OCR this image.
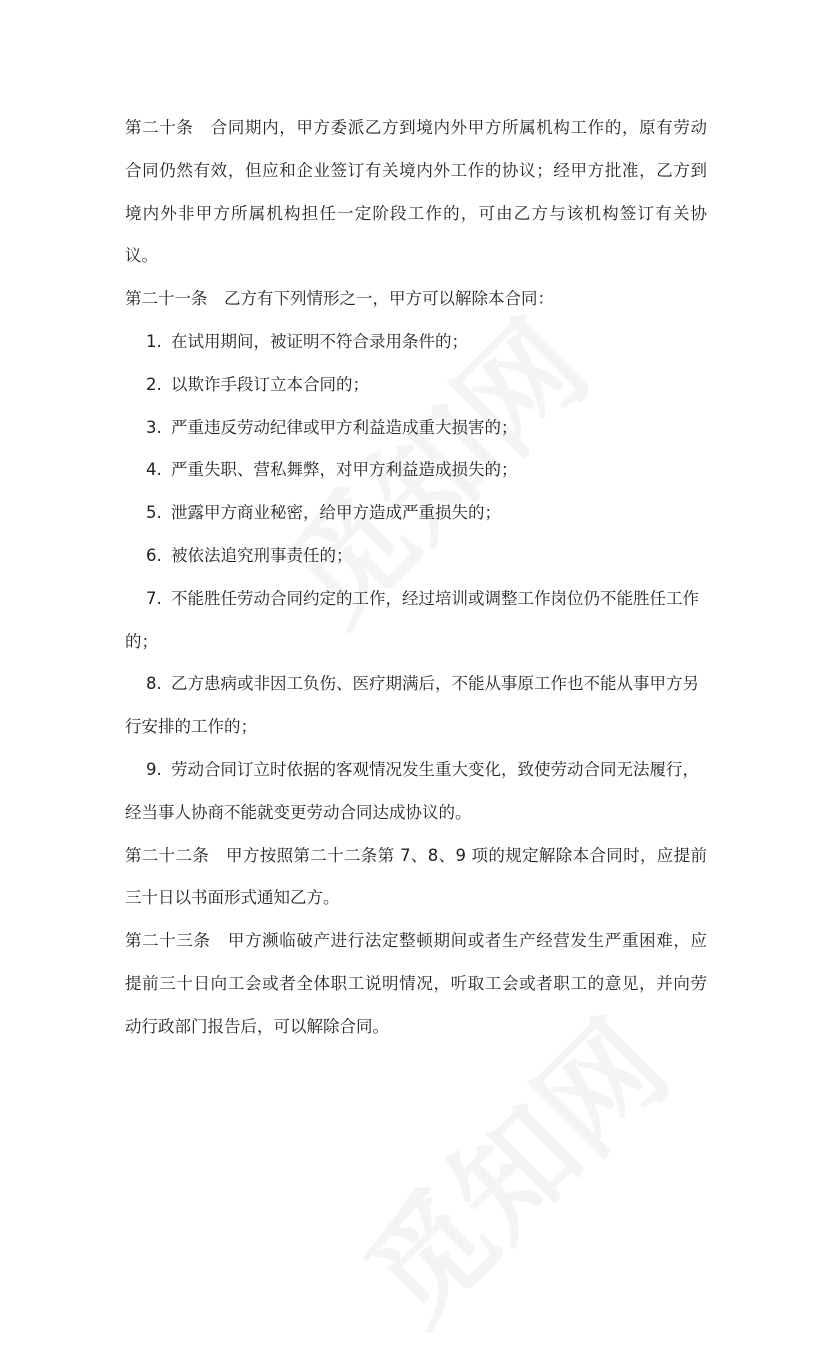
第二十条　合同期内，甲方委派乙方到境内外甲方所属机构工作的，原有劳动
合同仍然有效，但应和企业签订有关境内外工作的协议；经甲方批准，乙方到
境内外非甲方所属机构担任一定阶段工作的，可由乙方与该机构签订有关协
议。
第二十一条　乙方有下列情形之一，甲方可以解除本合同：
1. 在试用期间，被证明不符合录用条件的；
2. 以欺诈手段订立本合同的；
3. 严重违反劳动纪律或甲方利益造成重大损害的；
4. 严重失职、营私舞弊，对甲方利益造成损失的；
5. 泄露甲方商业秘密，给甲方造成严重损失的；
6. 被依法追究刑事责任的；
7. 不能胜任劳动合同约定的工作，经过培训或调整工作岗位仍不能胜任工作
的；
8. 乙方患病或非因工负伤、医疗期满后，不能从事原工作也不能从事甲方另
行安排的工作的；
9. 劳动合同订立时依据的客观情况发生重大变化，致使劳动合同无法履行，
经当事人协商不能就变更劳动合同达成协议的。
第二十二条　甲方按照第二十二条第 7、8、9 项的规定解除本合同时，应提前
三十日以书面形式通知乙方。
第二十三条　甲方濒临破产进行法定整顿期间或者生产经营发生严重困难，应
提前三十日向工会或者全体职工说明情况，听取工会或者职工的意见，并向劳
动行政部门报告后，可以解除合同。
